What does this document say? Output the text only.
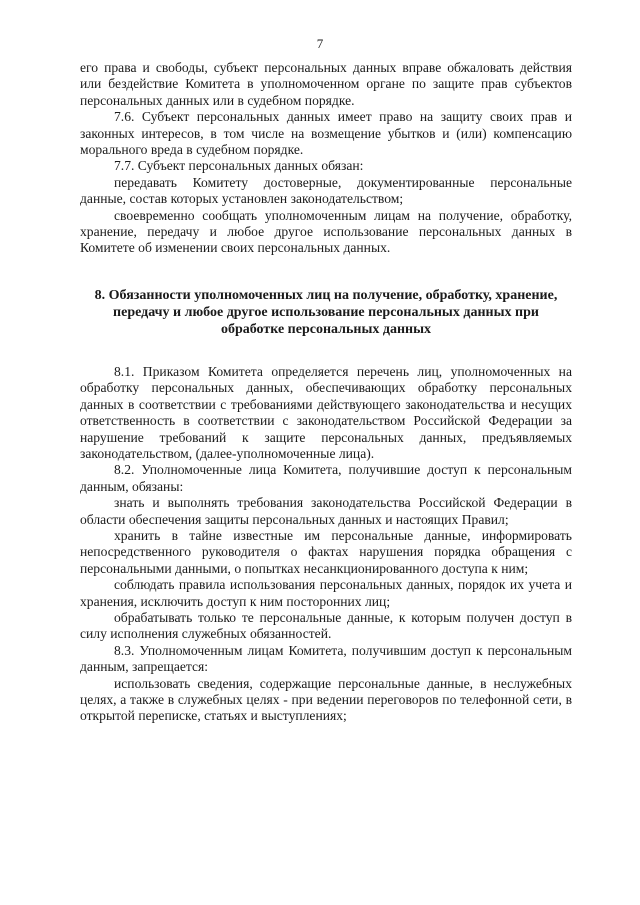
7

его права и свободы, субъект персональных данных вправе обжаловать действия или бездействие Комитета в уполномоченном органе по защите прав субъектов персональных данных или в судебном порядке.

7.6. Субъект персональных данных имеет право на защиту своих прав и законных интересов, в том числе на возмещение убытков и (или) компенсацию морального вреда в судебном порядке.

7.7. Субъект персональных данных обязан:

передавать Комитету достоверные, документированные персональные данные, состав которых установлен законодательством;

своевременно сообщать уполномоченным лицам на получение, обработку, хранение, передачу и любое другое использование персональных данных в Комитете об изменении своих персональных данных.

8. Обязанности уполномоченных лиц на получение, обработку, хранение, передачу и любое другое использование персональных данных при обработке персональных данных

8.1. Приказом Комитета определяется перечень лиц, уполномоченных на обработку персональных данных, обеспечивающих обработку персональных данных в соответствии с требованиями действующего законодательства и несущих ответственность в соответствии с законодательством Российской Федерации за нарушение требований к защите персональных данных, предъявляемых законодательством, (далее-уполномоченные лица).

8.2. Уполномоченные лица Комитета, получившие доступ к персональным данным, обязаны:

знать и выполнять требования законодательства Российской Федерации в области обеспечения защиты персональных данных и настоящих Правил;

хранить в тайне известные им персональные данные, информировать непосредственного руководителя о фактах нарушения порядка обращения с персональными данными, о попытках несанкционированного доступа к ним;

соблюдать правила использования персональных данных, порядок их учета и хранения, исключить доступ к ним посторонних лиц;

обрабатывать только те персональные данные, к которым получен доступ в силу исполнения служебных обязанностей.

8.3. Уполномоченным лицам Комитета, получившим доступ к персональным данным, запрещается:

использовать сведения, содержащие персональные данные, в неслужебных целях, а также в служебных целях - при ведении переговоров по телефонной сети, в открытой переписке, статьях и выступлениях;
